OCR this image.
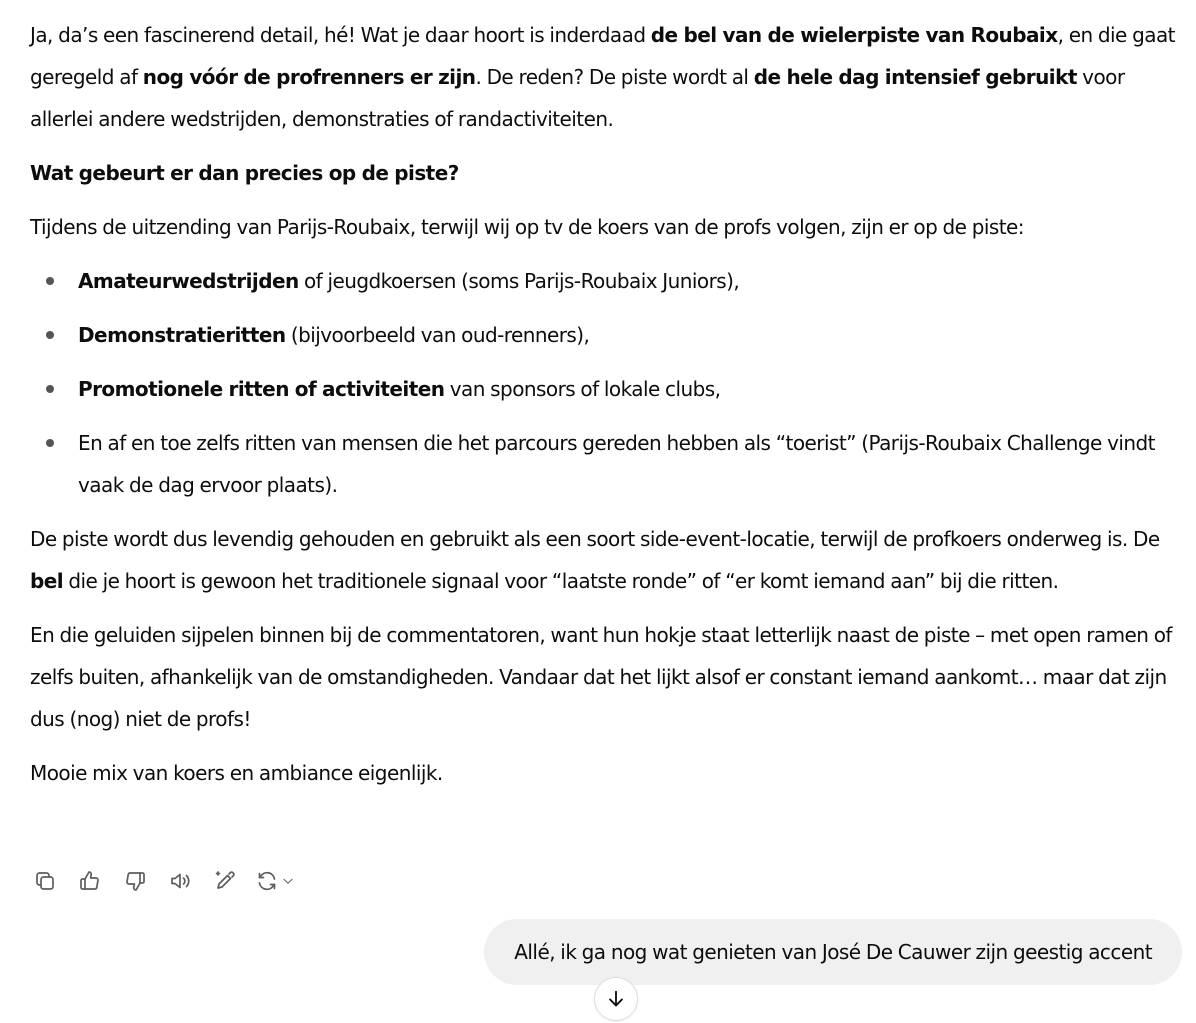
Ja, da’s een fascinerend detail, hé! Wat je daar hoort is inderdaad de bel van de wielerpiste van Roubaix, en die gaat geregeld af nog vóór de profrenners er zijn. De reden? De piste wordt al de hele dag intensief gebruikt voor allerlei andere wedstrijden, demonstraties of randactiviteiten.

Wat gebeurt er dan precies op de piste?

Tijdens de uitzending van Parijs-Roubaix, terwijl wij op tv de koers van de profs volgen, zijn er op de piste:

Amateurwedstrijden of jeugdkoersen (soms Parijs-Roubaix Juniors),
Demonstratieritten (bijvoorbeeld van oud-renners),
Promotionele ritten of activiteiten van sponsors of lokale clubs,
En af en toe zelfs ritten van mensen die het parcours gereden hebben als “toerist” (Parijs-Roubaix Challenge vindt vaak de dag ervoor plaats).

De piste wordt dus levendig gehouden en gebruikt als een soort side-event-locatie, terwijl de profkoers onderweg is. De bel die je hoort is gewoon het traditionele signaal voor “laatste ronde” of “er komt iemand aan” bij die ritten.

En die geluiden sijpelen binnen bij de commentatoren, want hun hokje staat letterlijk naast de piste – met open ramen of zelfs buiten, afhankelijk van de omstandigheden. Vandaar dat het lijkt alsof er constant iemand aankomt… maar dat zijn dus (nog) niet de profs!

Mooie mix van koers en ambiance eigenlijk.

Allé, ik ga nog wat genieten van José De Cauwer zijn geestig accent
